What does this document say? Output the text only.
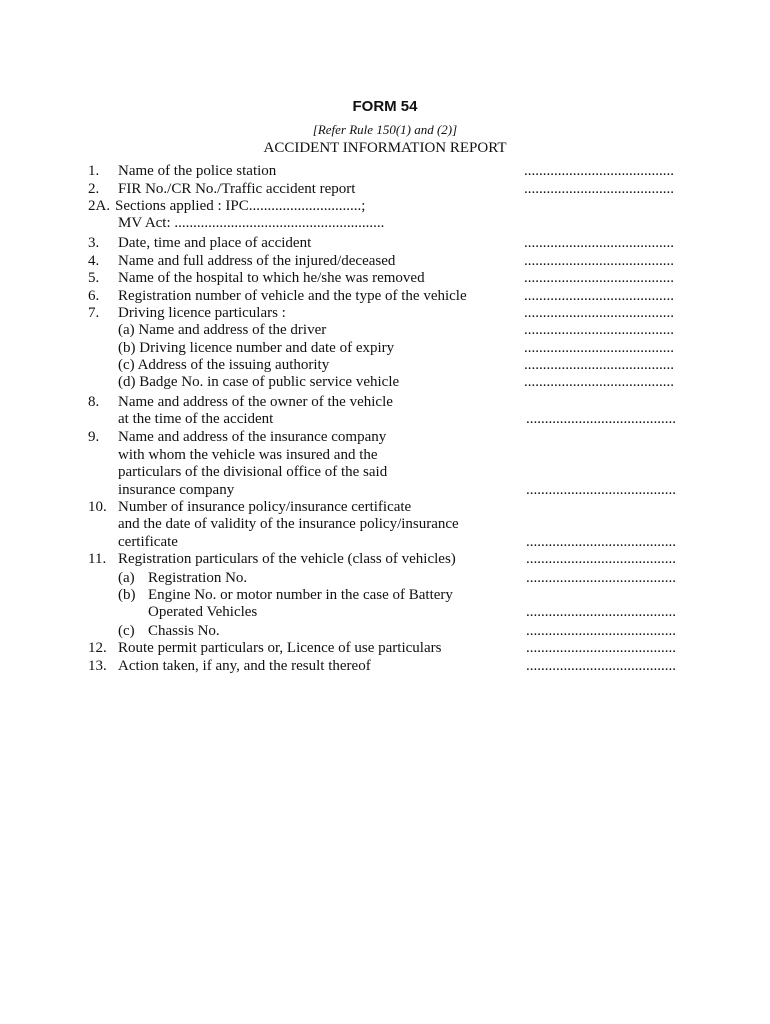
FORM 54
[Refer Rule 150(1) and (2)]
ACCIDENT INFORMATION REPORT
1. Name of the police station	........................................
2. FIR No./CR No./Traffic accident report	........................................
2A. Sections applied : IPC..............................;
MV Act: ........................................................
3. Date, time and place of accident	........................................
4. Name and full address of the injured/deceased	........................................
5. Name of the hospital to which he/she was removed	........................................
6. Registration number of vehicle and the type of the vehicle	........................................
7. Driving licence particulars :	........................................
(a) Name and address of the driver	........................................
(b) Driving licence number and date of expiry	........................................
(c) Address of the issuing authority	........................................
(d) Badge No. in case of public service vehicle	........................................
8. Name and address of the owner of the vehicle
at the time of the accident	........................................
9. Name and address of the insurance company
with whom the vehicle was insured and the
particulars of the divisional office of the said
insurance company	........................................
10. Number of insurance policy/insurance certificate
and the date of validity of the insurance policy/insurance
certificate	........................................
11. Registration particulars of the vehicle (class of vehicles)	........................................
(a) Registration No.	........................................
(b) Engine No. or motor number in the case of Battery
Operated Vehicles	........................................
(c) Chassis No.	........................................
12. Route permit particulars or, Licence of use particulars	........................................
13. Action taken, if any, and the result thereof	........................................
